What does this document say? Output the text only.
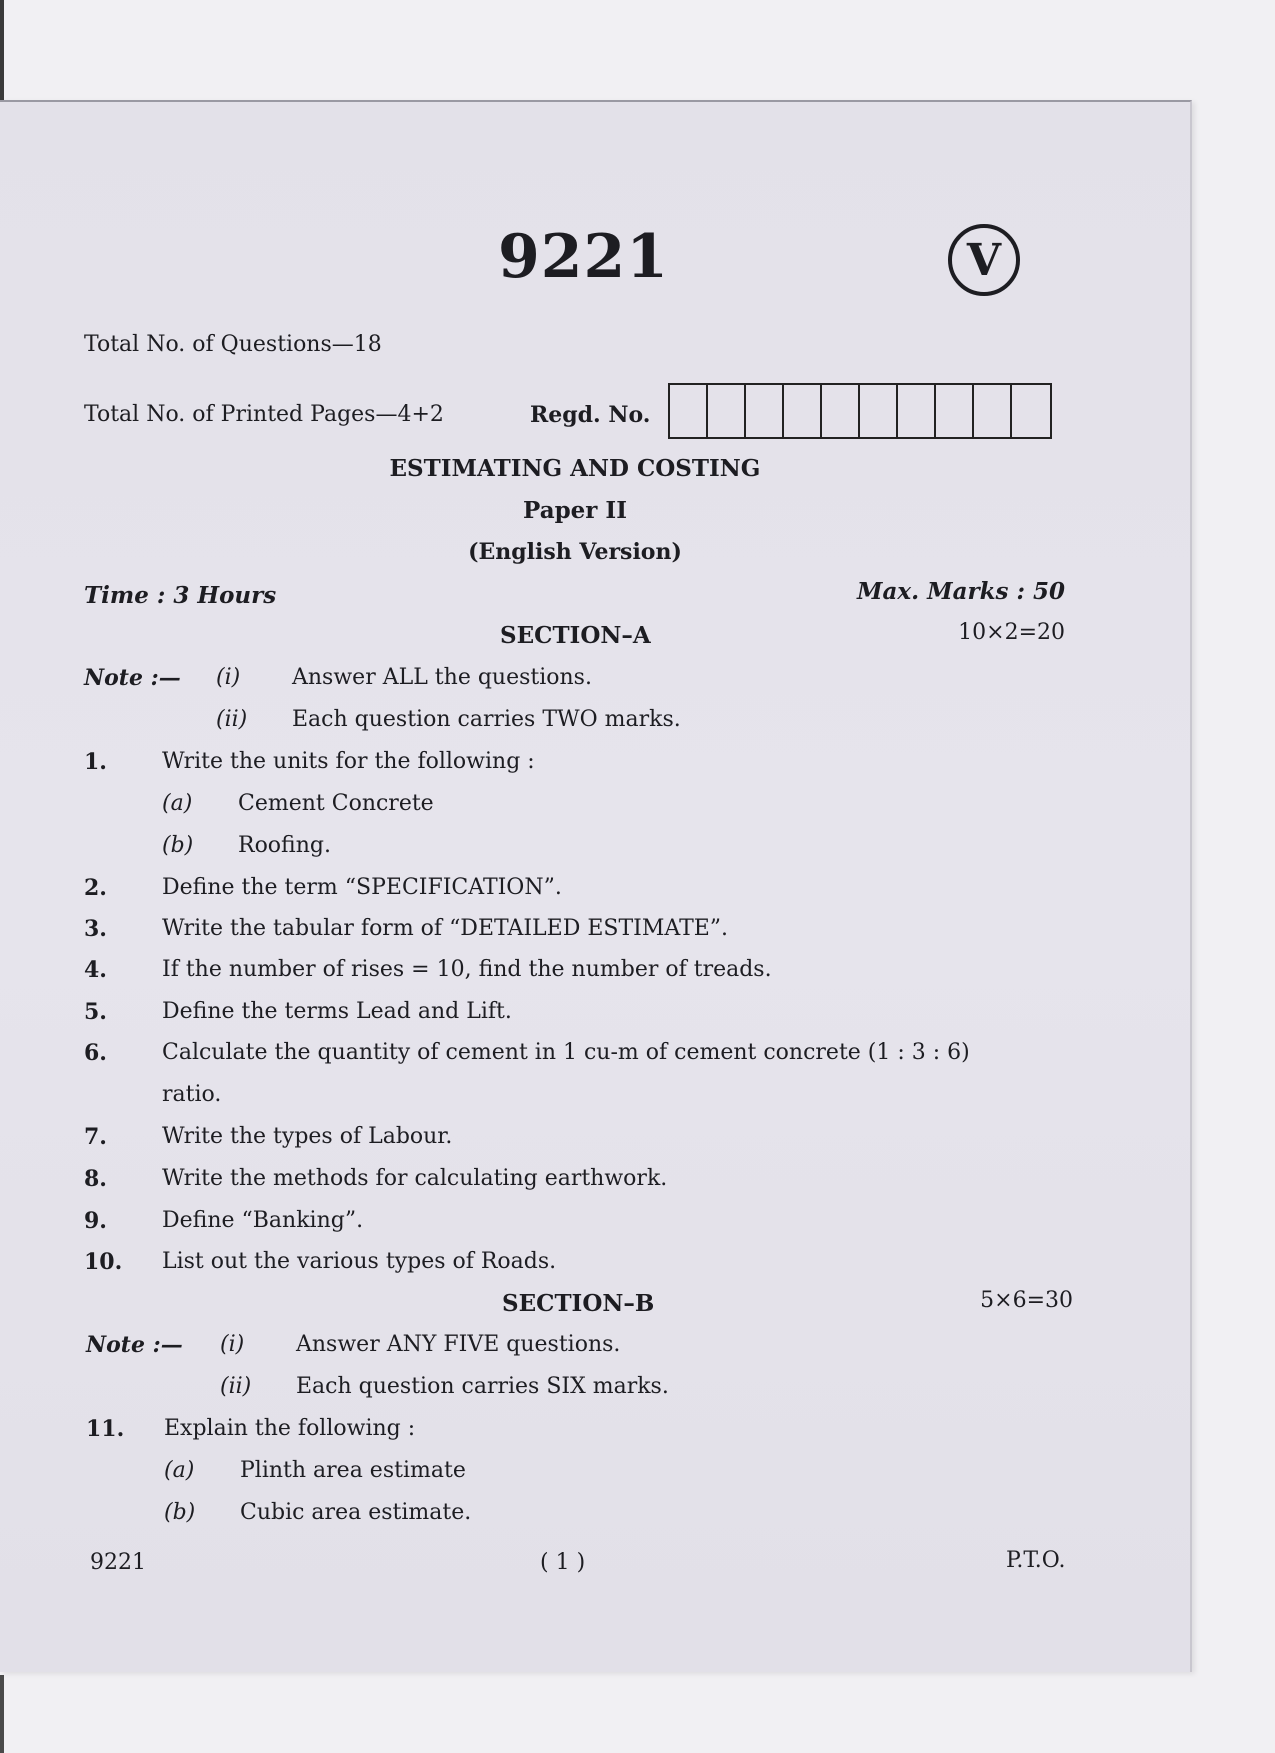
9221	V
Total No. of Questions—18
Total No. of Printed Pages—4+2	Regd. No.
ESTIMATING AND COSTING
Paper II
(English Version)
Time : 3 Hours	Max. Marks : 50
SECTION–A	10×2=20
Note :— (i) Answer ALL the questions.
(ii) Each question carries TWO marks.
1.	Write the units for the following :
(a) Cement Concrete
(b) Roofing.
2.	Define the term “SPECIFICATION”.
3.	Write the tabular form of “DETAILED ESTIMATE”.
4.	If the number of rises = 10, find the number of treads.
5.	Define the terms Lead and Lift.
6.	Calculate the quantity of cement in 1 cu-m of cement concrete (1 : 3 : 6)
ratio.
7.	Write the types of Labour.
8.	Write the methods for calculating earthwork.
9.	Define “Banking”.
10. List out the various types of Roads.
SECTION–B	5×6=30
Note :— (i) Answer ANY FIVE questions.
(ii) Each question carries SIX marks.
11. Explain the following :
(a) Plinth area estimate
(b) Cubic area estimate.
9221	( 1 )	P.T.O.
